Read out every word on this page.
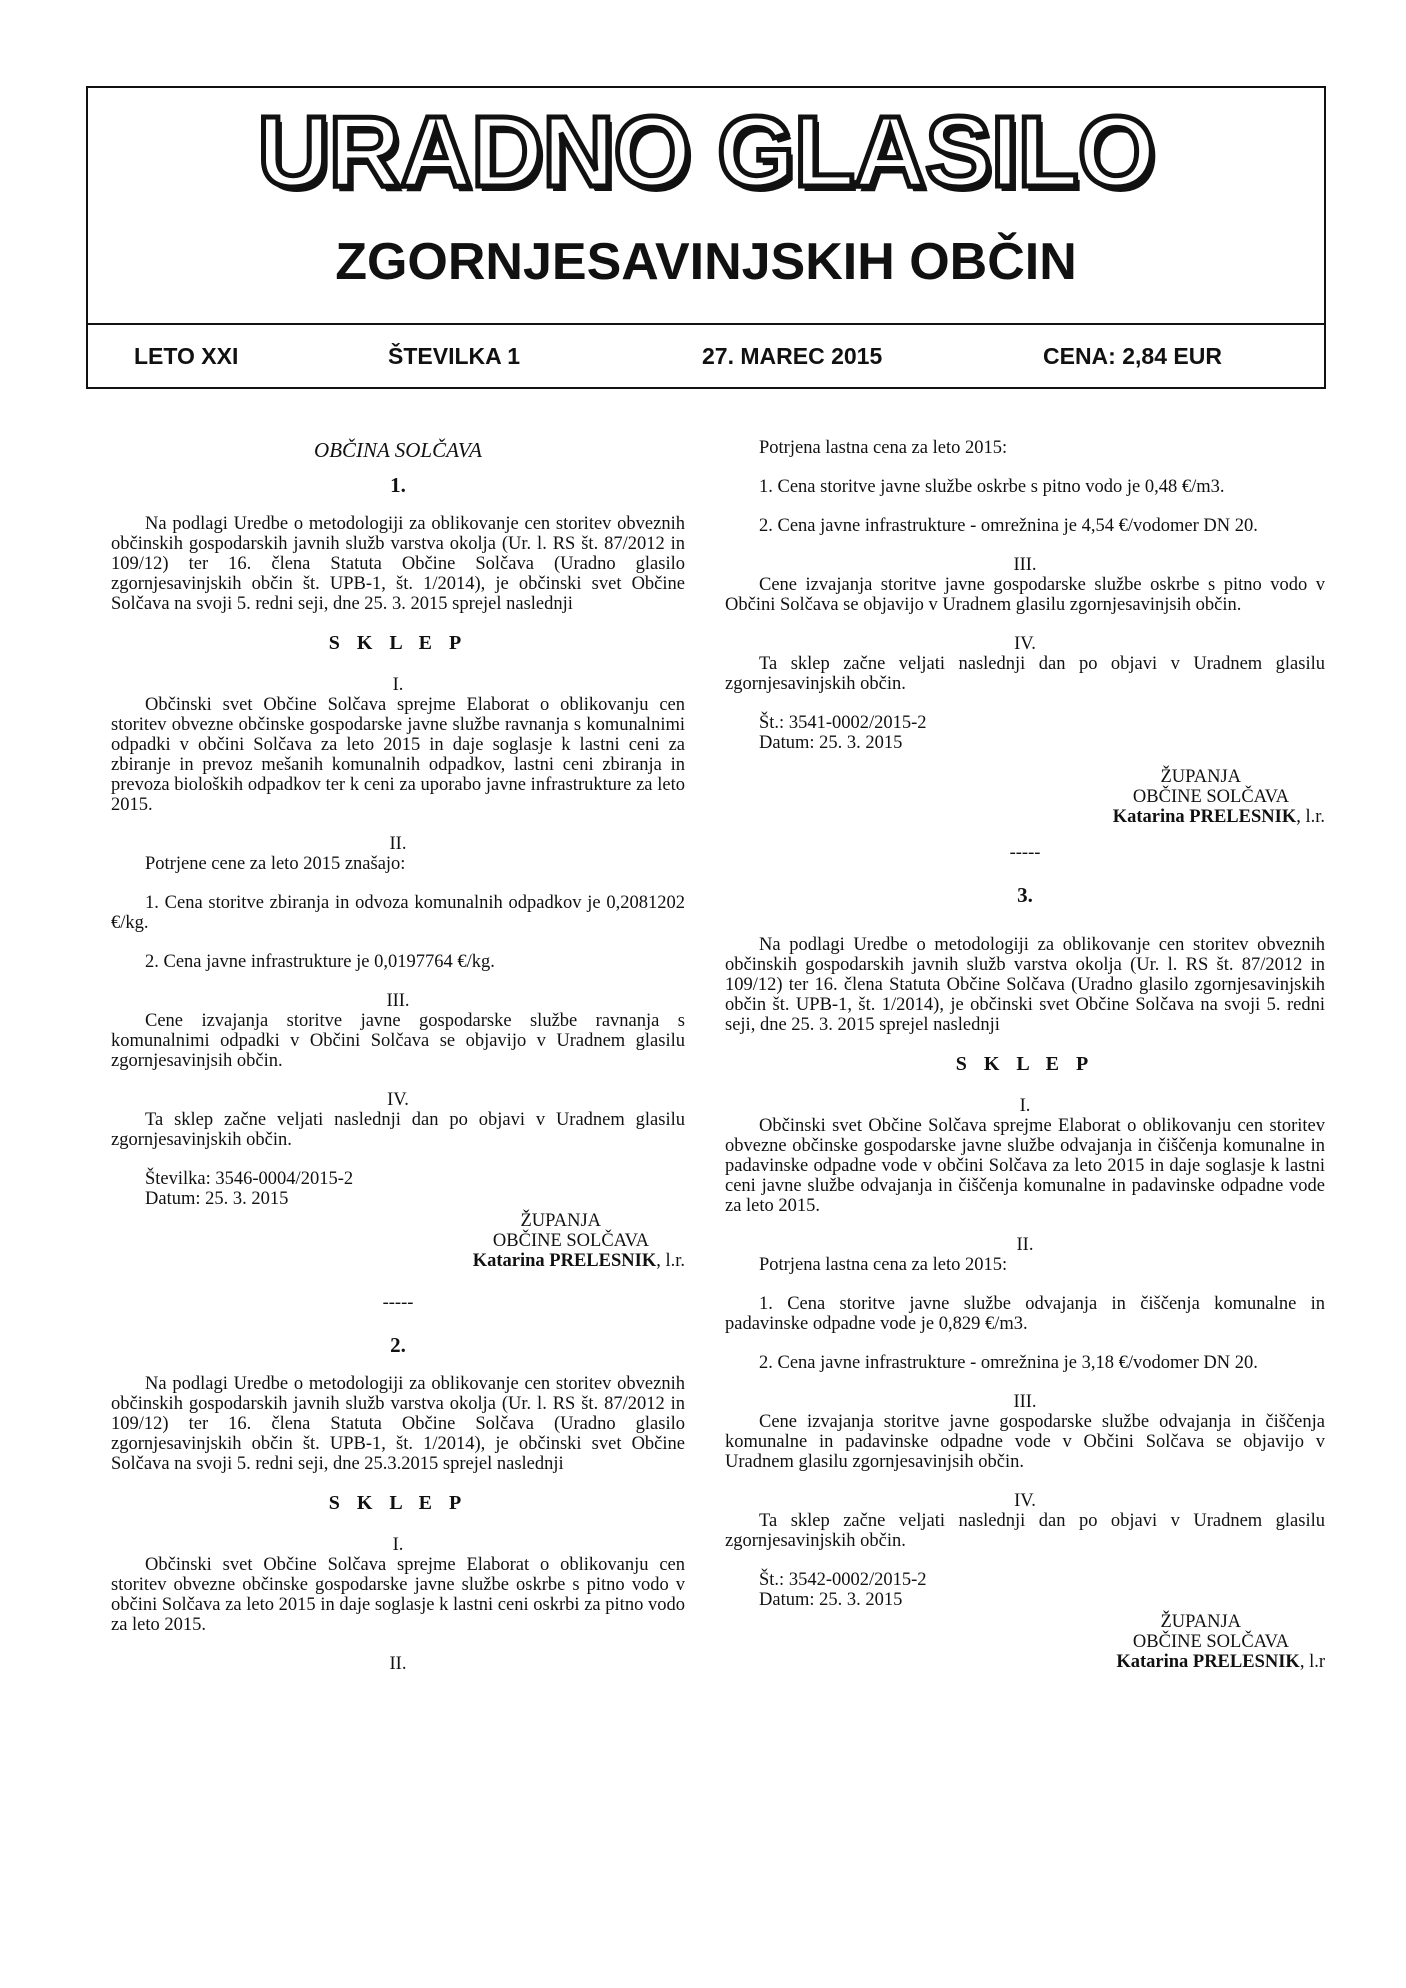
URADNO GLASILO
ZGORNJESAVINJSKIH OBČIN
LETO XXI	ŠTEVILKA 1	27. MAREC 2015	CENA: 2,84 EUR
OBČINA SOLČAVA
1.

Na podlagi Uredbe o metodologiji za oblikovanje cen storitev obveznih občinskih gospodarskih javnih služb varstva okolja (Ur. l. RS št. 87/2012 in 109/12) ter 16. člena Statuta Občine Solčava (Uradno glasilo zgornjesavinjskih občin št. UPB-1, št. 1/2014), je občinski svet Občine Solčava na svoji 5. redni seji, dne 25. 3. 2015 sprejel naslednji

S K L E P

I.

Občinski svet Občine Solčava sprejme Elaborat o oblikovanju cen storitev obvezne občinske gospodarske javne službe ravnanja s komunalnimi odpadki v občini Solčava za leto 2015 in daje soglasje k lastni ceni za zbiranje in prevoz mešanih komunalnih odpadkov, lastni ceni zbiranja in prevoza bioloških odpadkov ter k ceni za uporabo javne infrastrukture za leto 2015.

II.

Potrjene cene za leto 2015 znašajo:

1. Cena storitve zbiranja in odvoza komunalnih odpadkov je 0,2081202 €/kg.

2. Cena javne infrastrukture je 0,0197764 €/kg.

III.

Cene izvajanja storitve javne gospodarske službe ravnanja s komunalnimi odpadki v Občini Solčava se objavijo v Uradnem glasilu zgornjesavinjsih občin.

IV.

Ta sklep začne veljati naslednji dan po objavi v Uradnem glasilu zgornjesavinjskih občin.

Številka: 3546-0004/2015-2

Datum: 25. 3. 2015

ŽUPANJA
OBČINE SOLČAVA
Katarina PRELESNIK, l.r.
-----
2.

Na podlagi Uredbe o metodologiji za oblikovanje cen storitev obveznih občinskih gospodarskih javnih služb varstva okolja (Ur. l. RS št. 87/2012 in 109/12) ter 16. člena Statuta Občine Solčava (Uradno glasilo zgornjesavinjskih občin št. UPB-1, št. 1/2014), je občinski svet Občine Solčava na svoji 5. redni seji, dne 25.3.2015 sprejel naslednji

S K L E P

I.

Občinski svet Občine Solčava sprejme Elaborat o oblikovanju cen storitev obvezne občinske gospodarske javne službe oskrbe s pitno vodo v občini Solčava za leto 2015 in daje soglasje k lastni ceni oskrbi za pitno vodo za leto 2015.

II.

Potrjena lastna cena za leto 2015:

1. Cena storitve javne službe oskrbe s pitno vodo je 0,48 €/m3.

2. Cena javne infrastrukture - omrežnina je 4,54 €/vodomer DN 20.

III.

Cene izvajanja storitve javne gospodarske službe oskrbe s pitno vodo v Občini Solčava se objavijo v Uradnem glasilu zgornjesavinjsih občin.

IV.

Ta sklep začne veljati naslednji dan po objavi v Uradnem glasilu zgornjesavinjskih občin.

Št.: 3541-0002/2015-2

Datum: 25. 3. 2015

ŽUPANJA
OBČINE SOLČAVA
Katarina PRELESNIK, l.r.
-----
3.

Na podlagi Uredbe o metodologiji za oblikovanje cen storitev obveznih občinskih gospodarskih javnih služb varstva okolja (Ur. l. RS št. 87/2012 in 109/12) ter 16. člena Statuta Občine Solčava (Uradno glasilo zgornjesavinjskih občin št. UPB-1, št. 1/2014), je občinski svet Občine Solčava na svoji 5. redni seji, dne 25. 3. 2015 sprejel naslednji

S K L E P

I.

Občinski svet Občine Solčava sprejme Elaborat o oblikovanju cen storitev obvezne občinske gospodarske javne službe odvajanja in čiščenja komunalne in padavinske odpadne vode v občini Solčava za leto 2015 in daje soglasje k lastni ceni javne službe odvajanja in čiščenja komunalne in padavinske odpadne vode za leto 2015.

II.

Potrjena lastna cena za leto 2015:

1. Cena storitve javne službe odvajanja in čiščenja komunalne in padavinske odpadne vode je 0,829 €/m3.

2. Cena javne infrastrukture - omrežnina je 3,18 €/vodomer DN 20.

III.

Cene izvajanja storitve javne gospodarske službe odvajanja in čiščenja komunalne in padavinske odpadne vode v Občini Solčava se objavijo v Uradnem glasilu zgornjesavinjsih občin.

IV.

Ta sklep začne veljati naslednji dan po objavi v Uradnem glasilu zgornjesavinjskih občin.

Št.: 3542-0002/2015-2

Datum: 25. 3. 2015

ŽUPANJA
OBČINE SOLČAVA
Katarina PRELESNIK, l.r
